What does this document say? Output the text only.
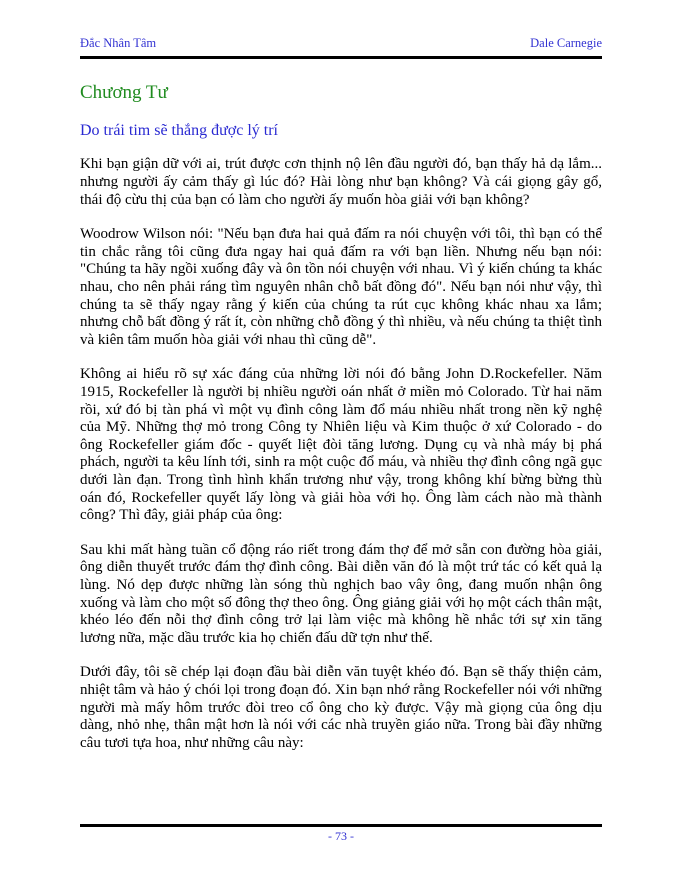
Đắc Nhân Tâm	Dale Carnegie
Chương Tư
Do trái tim sẽ thắng được lý trí

Khi bạn giận dữ với ai, trút được cơn thịnh nộ lên đầu người đó, bạn thấy hả dạ lắm... nhưng người ấy cảm thấy gì lúc đó? Hài lòng như bạn không? Và cái giọng gây gổ, thái độ cừu thị của bạn có làm cho người ấy muốn hòa giải với bạn không?

Woodrow Wilson nói: "Nếu bạn đưa hai quả đấm ra nói chuyện với tôi, thì bạn có thể tin chắc rằng tôi cũng đưa ngay hai quả đấm ra với bạn liền. Nhưng nếu bạn nói: "Chúng ta hãy ngồi xuống đây và ôn tồn nói chuyện với nhau. Vì ý kiến chúng ta khác nhau, cho nên phải ráng tìm nguyên nhân chỗ bất đồng đó". Nếu bạn nói như vậy, thì chúng ta sẽ thấy ngay rằng ý kiến của chúng ta rút cục không khác nhau xa lắm; nhưng chỗ bất đồng ý rất ít, còn những chỗ đồng ý thì nhiều, và nếu chúng ta thiệt tình và kiên tâm muốn hòa giải với nhau thì cũng dễ".

Không ai hiểu rõ sự xác đáng của những lời nói đó bằng John D.Rockefeller. Năm 1915, Rockefeller là người bị nhiều người oán nhất ở miền mỏ Colorado. Từ hai năm rồi, xứ đó bị tàn phá vì một vụ đình công làm đổ máu nhiều nhất trong nền kỹ nghệ của Mỹ. Những thợ mỏ trong Công ty Nhiên liệu và Kim thuộc ở xứ Colorado - do ông Rockefeller giám đốc - quyết liệt đòi tăng lương. Dụng cụ và nhà máy bị phá phách, người ta kêu lính tới, sinh ra một cuộc đổ máu, và nhiều thợ đình công ngã gục dưới làn đạn. Trong tình hình khẩn trương như vậy, trong không khí bừng bừng thù oán đó, Rockefeller quyết lấy lòng và giải hòa với họ. Ông làm cách nào mà thành công? Thì đây, giải pháp của ông:

Sau khi mất hàng tuần cổ động ráo riết trong đám thợ để mở sẵn con đường hòa giải, ông diễn thuyết trước đám thợ đình công. Bài diễn văn đó là một trứ tác có kết quả lạ lùng. Nó dẹp được những làn sóng thù nghịch bao vây ông, đang muốn nhận ông xuống và làm cho một số đông thợ theo ông. Ông giảng giải với họ một cách thân mật, khéo léo đến nỗi thợ đình công trở lại làm việc mà không hề nhắc tới sự xin tăng lương nữa, mặc dầu trước kia họ chiến đấu dữ tợn như thế.

Dưới đây, tôi sẽ chép lại đoạn đầu bài diễn văn tuyệt khéo đó. Bạn sẽ thấy thiện cảm, nhiệt tâm và hảo ý chói lọi trong đoạn đó. Xin bạn nhớ rằng Rockefeller nói với những người mà mấy hôm trước đòi treo cổ ông cho kỳ được. Vậy mà giọng của ông dịu dàng, nhỏ nhẹ, thân mật hơn là nói với các nhà truyền giáo nữa. Trong bài đầy những câu tươi tựa hoa, như những câu này:

- 73 -
